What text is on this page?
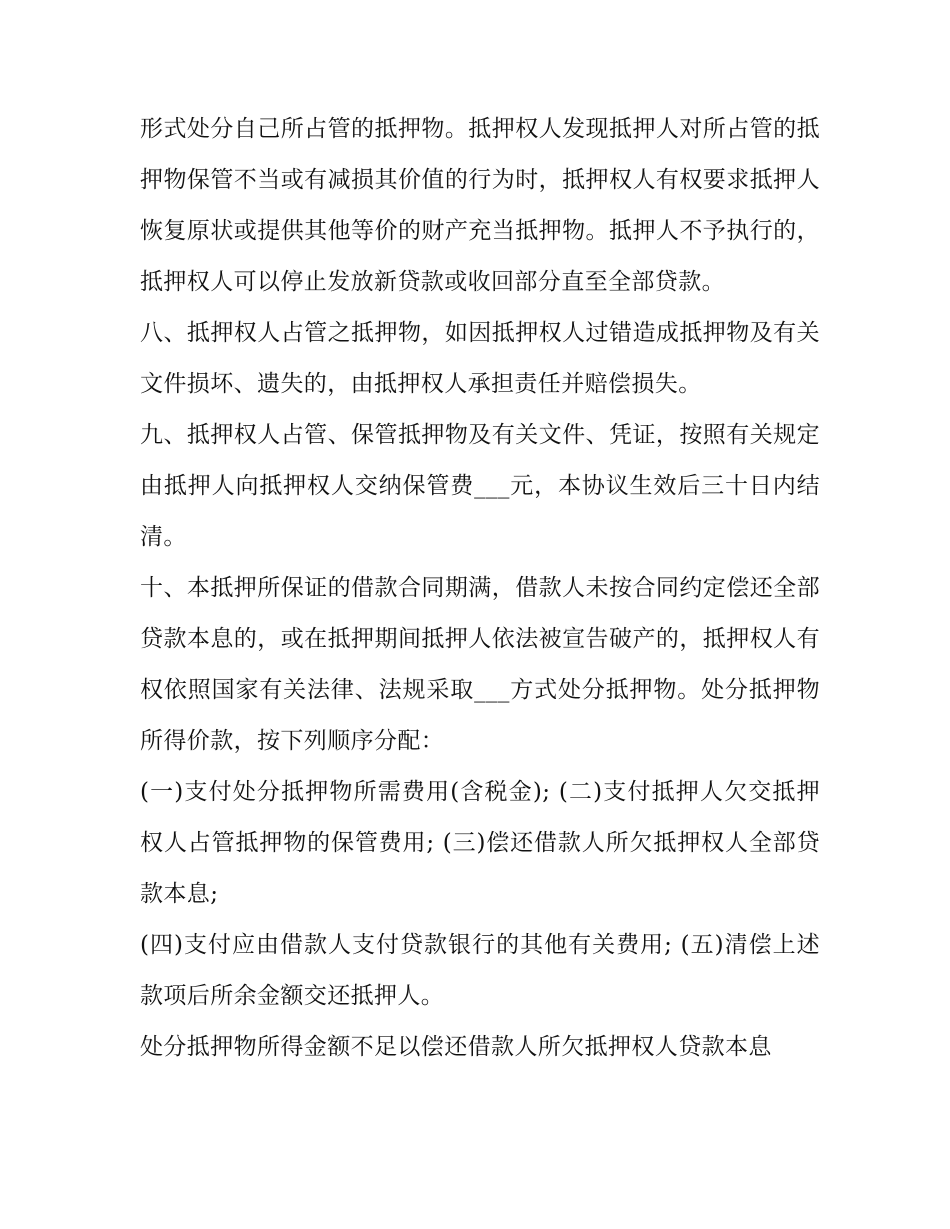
形式处分自己所占管的抵押物。抵押权人发现抵押人对所占管的抵押物保管不当或有减损其价值的行为时，抵押权人有权要求抵押人恢复原状或提供其他等价的财产充当抵押物。抵押人不予执行的，抵押权人可以停止发放新贷款或收回部分直至全部贷款。

八、抵押权人占管之抵押物，如因抵押权人过错造成抵押物及有关文件损坏、遗失的，由抵押权人承担责任并赔偿损失。

九、抵押权人占管、保管抵押物及有关文件、凭证，按照有关规定由抵押人向抵押权人交纳保管费___元，本协议生效后三十日内结清。

十、本抵押所保证的借款合同期满，借款人未按合同约定偿还全部贷款本息的，或在抵押期间抵押人依法被宣告破产的，抵押权人有权依照国家有关法律、法规采取___方式处分抵押物。处分抵押物所得价款，按下列顺序分配：

(一)支付处分抵押物所需费用(含税金); (二)支付抵押人欠交抵押权人占管抵押物的保管费用; (三)偿还借款人所欠抵押权人全部贷款本息;

(四)支付应由借款人支付贷款银行的其他有关费用; (五)清偿上述款项后所余金额交还抵押人。

处分抵押物所得金额不足以偿还借款人所欠抵押权人贷款本息
